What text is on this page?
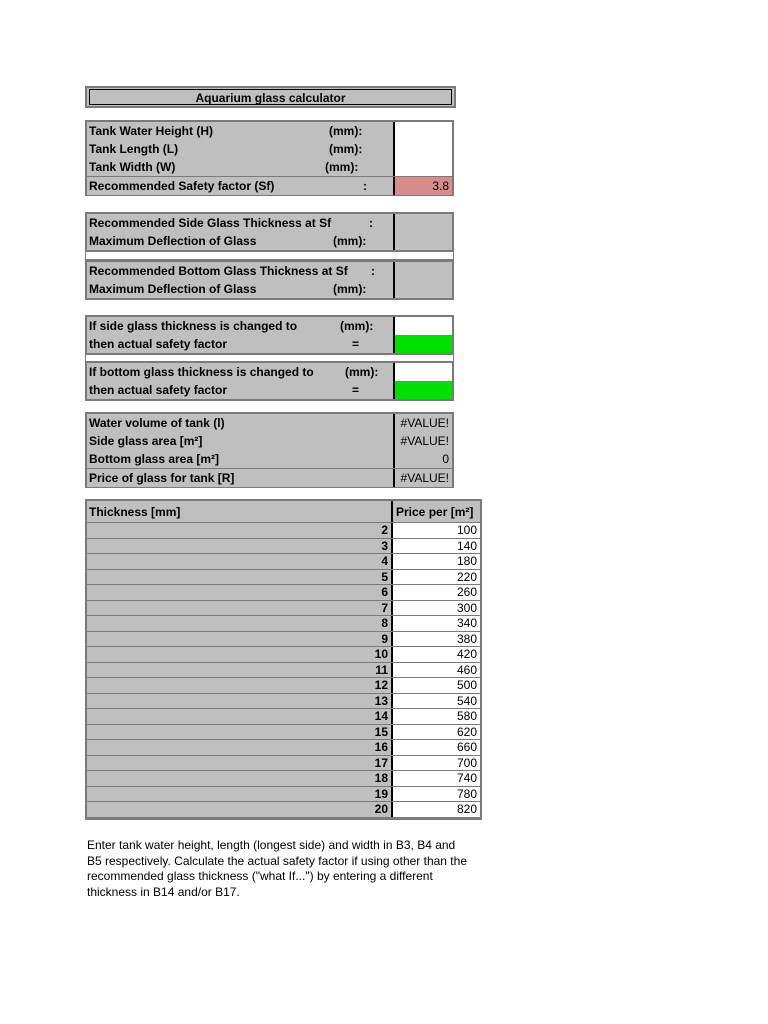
Aquarium glass calculator
Tank Water Height (H)	(mm):
Tank Length (L)	(mm):
Tank Width (W)	(mm):
Recommended Safety factor (Sf)	:	3.8
Recommended Side Glass Thickness at Sf	:
Maximum Deflection of Glass	(mm):
Recommended Bottom Glass Thickness at Sf	:
Maximum Deflection of Glass	(mm):
If side glass thickness is changed to	(mm):
then actual safety factor	=
If bottom glass thickness is changed to	(mm):
then actual safety factor	=
Water volume of tank (l)	#VALUE!
Side glass area [m²]	#VALUE!
Bottom glass area [m²]	0
Price of glass for tank [R]	#VALUE!
Thickness [mm]	Price per [m²]
2	100
3	140
4	180
5	220
6	260
7	300
8	340
9	380
10	420
11	460
12	500
13	540
14	580
15	620
16	660
17	700
18	740
19	780
20	820
Enter tank water height, length (longest side) and width in B3, B4 and B5 respectively. Calculate the actual safety factor if using other than the recommended glass thickness ("what If...") by entering a different thickness in B14 and/or B17.
